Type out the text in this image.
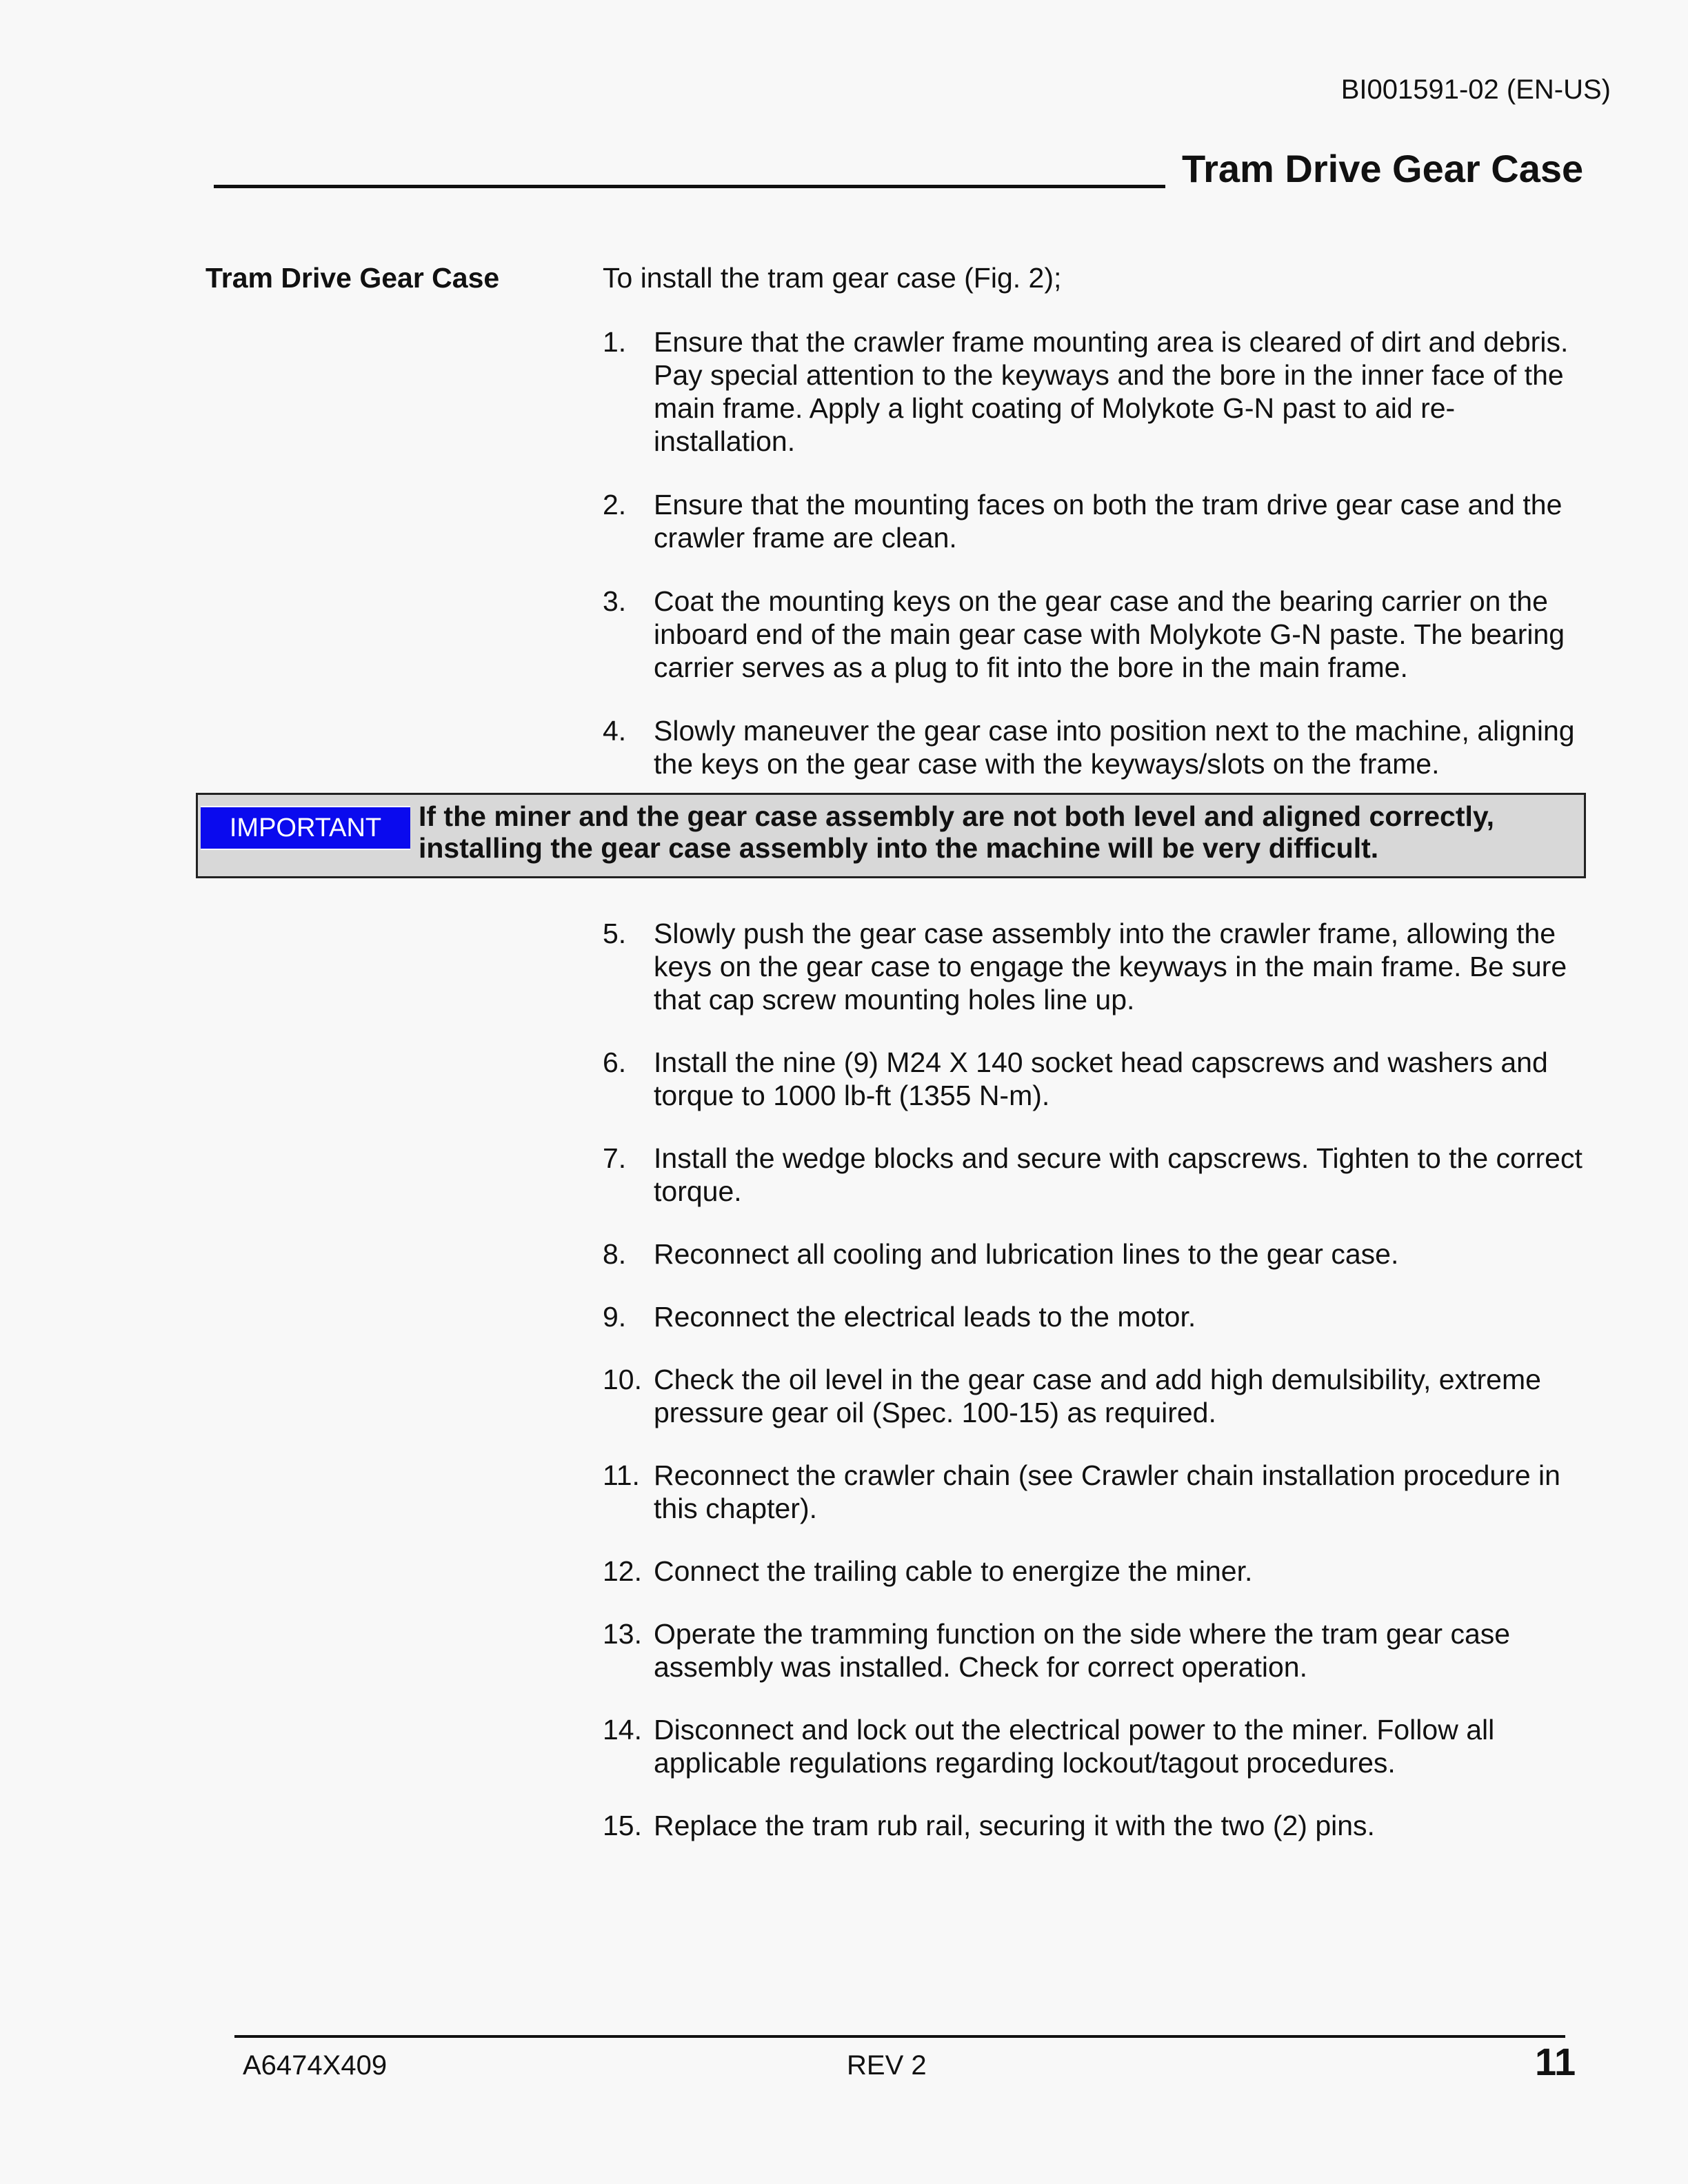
BI001591-02 (EN-US)
Tram Drive Gear Case
Tram Drive Gear Case	To install the tram gear case (Fig. 2);
1. Ensure that the crawler frame mounting area is cleared of dirt and debris. Pay special attention to the keyways and the bore in the inner face of the main frame. Apply a light coating of Molykote G-N past to aid re-installation.
2. Ensure that the mounting faces on both the tram drive gear case and the crawler frame are clean.
3. Coat the mounting keys on the gear case and the bearing carrier on the inboard end of the main gear case with Molykote G-N paste. The bearing carrier serves as a plug to fit into the bore in the main frame.
4. Slowly maneuver the gear case into position next to the machine, aligning the keys on the gear case with the keyways/slots on the frame.
IMPORTANT	If the miner and the gear case assembly are not both level and aligned correctly, installing the gear case assembly into the machine will be very difficult.
5. Slowly push the gear case assembly into the crawler frame, allowing the keys on the gear case to engage the keyways in the main frame. Be sure that cap screw mounting holes line up.
6. Install the nine (9) M24 X 140 socket head capscrews and washers and torque to 1000 lb-ft (1355 N-m).
7. Install the wedge blocks and secure with capscrews. Tighten to the correct torque.
8. Reconnect all cooling and lubrication lines to the gear case.
9. Reconnect the electrical leads to the motor.
10. Check the oil level in the gear case and add high demulsibility, extreme pressure gear oil (Spec. 100-15) as required.
11. Reconnect the crawler chain (see Crawler chain installation procedure in this chapter).
12. Connect the trailing cable to energize the miner.
13. Operate the tramming function on the side where the tram gear case assembly was installed. Check for correct operation.
14. Disconnect and lock out the electrical power to the miner. Follow all applicable regulations regarding lockout/tagout procedures.
15. Replace the tram rub rail, securing it with the two (2) pins.
A6474X409	REV 2	11
